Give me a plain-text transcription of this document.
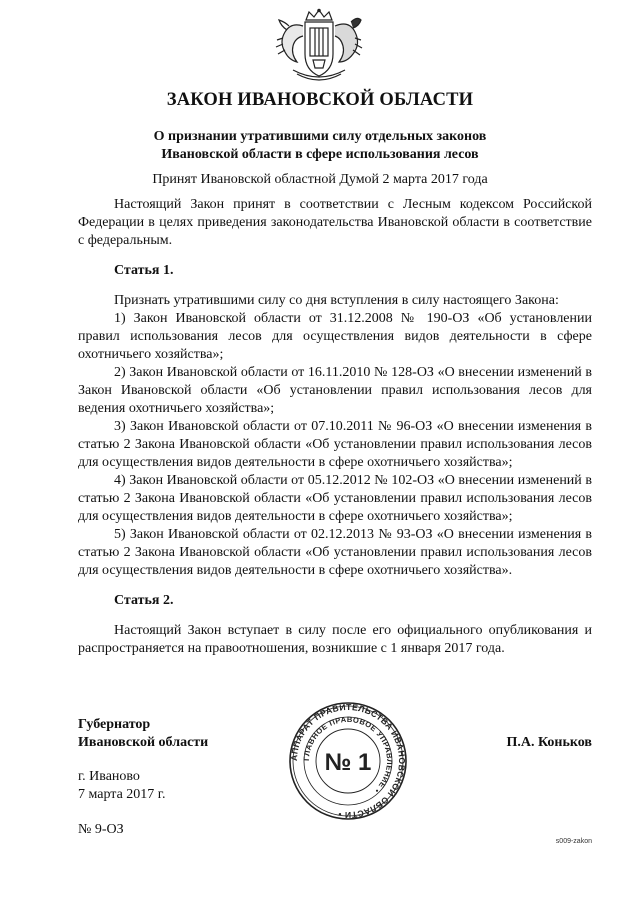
ЗАКОН ИВАНОВСКОЙ ОБЛАСТИ
О признании утратившими силу отдельных законов
Ивановской области в сфере использования лесов
Принят Ивановской областной Думой 2 марта 2017 года

Настоящий Закон принят в соответствии с Лесным кодексом Российской Федерации в целях приведения законодательства Ивановской области в соответствие с федеральным.

Статья 1.

Признать утратившими силу со дня вступления в силу настоящего Закона:

1) Закон Ивановской области от 31.12.2008 № 190-ОЗ «Об установлении правил использования лесов для осуществления видов деятельности в сфере охотничьего хозяйства»;

2) Закон Ивановской области от 16.11.2010 № 128-ОЗ «О внесении изменений в Закон Ивановской области «Об установлении правил использования лесов для ведения охотничьего хозяйства»;

3) Закон Ивановской области от 07.10.2011 № 96-ОЗ «О внесении изменения в статью 2 Закона Ивановской области «Об установлении правил использования лесов для осуществления видов деятельности в сфере охотничьего хозяйства»;

4) Закон Ивановской области от 05.12.2012 № 102-ОЗ «О внесении изменений в статью 2 Закона Ивановской области «Об установлении правил использования лесов для осуществления видов деятельности в сфере охотничьего хозяйства»;

5) Закон Ивановской области от 02.12.2013 № 93-ОЗ «О внесении изменения в статью 2 Закона Ивановской области «Об установлении правил использования лесов для осуществления видов деятельности в сфере охотничьего хозяйства».

Статья 2.

Настоящий Закон вступает в силу после его официального опубликования и распространяется на правоотношения, возникшие с 1 января 2017 года.

Губернатор
Ивановской области	П.А. Коньков
АППАРАТ ПРАВИТЕЛЬСТВА ИВАНОВСКОЙ ОБЛАСТИ •
ГЛАВНОЕ ПРАВОВОЕ УПРАВЛЕНИЕ •
№ 1
г. Иваново
7 марта 2017 г.
№ 9-ОЗ
s009-zakon
